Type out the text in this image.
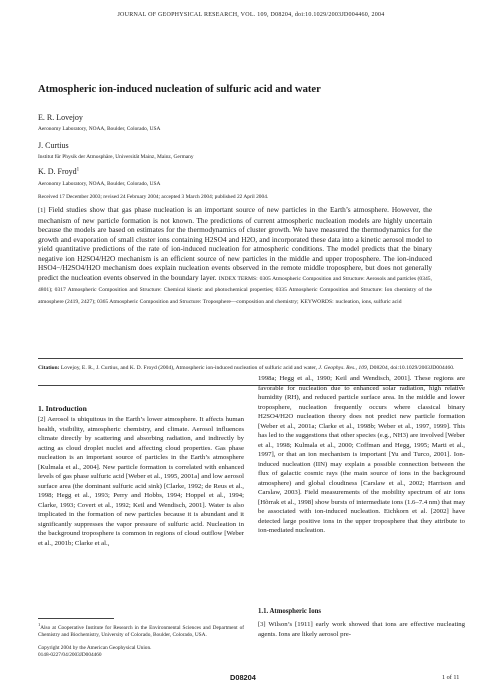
JOURNAL OF GEOPHYSICAL RESEARCH, VOL. 109, D08204, doi:10.1029/2003JD004460, 2004
Atmospheric ion-induced nucleation of sulfuric acid and water
E. R. Lovejoy
Aeronomy Laboratory, NOAA, Boulder, Colorado, USA
J. Curtius
Institut für Physik der Atmosphäre, Universität Mainz, Mainz, Germany
K. D. Froyd$^1$
Aeronomy Laboratory, NOAA, Boulder, Colorado, USA
Received 17 December 2003; revised 24 February 2004; accepted 3 March 2004; published 22 April 2004.
[1] Field studies show that gas phase nucleation is an important source of new particles in the Earth’s atmosphere. However, the mechanism of new particle formation is not known. The predictions of current atmospheric nucleation models are highly uncertain because the models are based on estimates for the thermodynamics of cluster growth. We have measured the thermodynamics for the growth and evaporation of small cluster ions containing H2SO4 and H2O, and incorporated these data into a kinetic aerosol model to yield quantitative predictions of the rate of ion-induced nucleation for atmospheric conditions. The model predicts that the binary negative ion H2SO4/H2O mechanism is an efficient source of new particles in the middle and upper troposphere. The ion-induced HSO4−/H2SO4/H2O mechanism does explain nucleation events observed in the remote middle troposphere, but does not generally predict the nucleation events observed in the boundary layer. INDEX TERMS: 0305 Atmospheric Composition and Structure: Aerosols and particles (0345, 4801); 0317 Atmospheric Composition and Structure: Chemical kinetic and photochemical properties; 0335 Atmospheric Composition and Structure: Ion chemistry of the atmosphere (2419, 2427); 0365 Atmospheric Composition and Structure: Troposphere—composition and chemistry; KEYWORDS: nucleation, ions, sulfuric acid
Citation: Lovejoy, E. R., J. Curtius, and K. D. Froyd (2004), Atmospheric ion-induced nucleation of sulfuric acid and water, J. Geophys. Res., 109, D08204, doi:10.1029/2003JD004460.
1. Introduction
[2] Aerosol is ubiquitous in the Earth’s lower atmosphere. It affects human health, visibility, atmospheric chemistry, and climate. Aerosol influences climate directly by scattering and absorbing radiation, and indirectly by acting as cloud droplet nuclei and affecting cloud properties. Gas phase nucleation is an important source of particles in the Earth’s atmosphere [Kulmala et al., 2004]. New particle formation is correlated with enhanced levels of gas phase sulfuric acid [Weber et al., 1995, 2001a] and low aerosol surface area (the dominant sulfuric acid sink) [Clarke, 1992; de Reus et al., 1998; Hegg et al., 1993; Perry and Hobbs, 1994; Hoppel et al., 1994; Clarke, 1993; Covert et al., 1992; Keil and Wendisch, 2001]. Water is also implicated in the formation of new particles because it is abundant and it significantly suppresses the vapor pressure of sulfuric acid. Nucleation in the background troposphere is common in regions of cloud outflow [Weber et al., 2001b; Clarke et al.,
1998a; Hegg et al., 1990; Keil and Wendisch, 2001]. These regions are favorable for nucleation due to enhanced solar radiation, high relative humidity (RH), and reduced particle surface area. In the middle and lower troposphere, nucleation frequently occurs where classical binary H2SO4/H2O nucleation theory does not predict new particle formation [Weber et al., 2001a; Clarke et al., 1998b; Weber et al., 1997, 1999]. This has led to the suggestions that other species (e.g., NH3) are involved [Weber et al., 1998; Kulmala et al., 2000; Coffman and Hegg, 1995; Marti et al., 1997], or that an ion mechanism is important [Yu and Turco, 2001]. Ion-induced nucleation (IIN) may explain a possible connection between the flux of galactic cosmic rays (the main source of ions in the background atmosphere) and global cloudiness [Carslaw et al., 2002; Harrison and Carslaw, 2003]. Field measurements of the mobility spectrum of air ions [Hõrrak et al., 1998] show bursts of intermediate ions (1.6–7.4 nm) that may be associated with ion-induced nucleation. Eichkorn et al. [2002] have detected large positive ions in the upper troposphere that they attribute to ion-mediated nucleation.
1.1. Atmospheric Ions
[3] Wilson’s [1911] early work showed that ions are effective nucleating agents. Ions are likely aerosol pre-
$^1$Also at Cooperative Institute for Research in the Environmental Sciences and Department of Chemistry and Biochemistry, University of Colorado, Boulder, Colorado, USA.
Copyright 2004 by the American Geophysical Union.
0148-0227/04/2003JD004460
D08204	1 of 11
